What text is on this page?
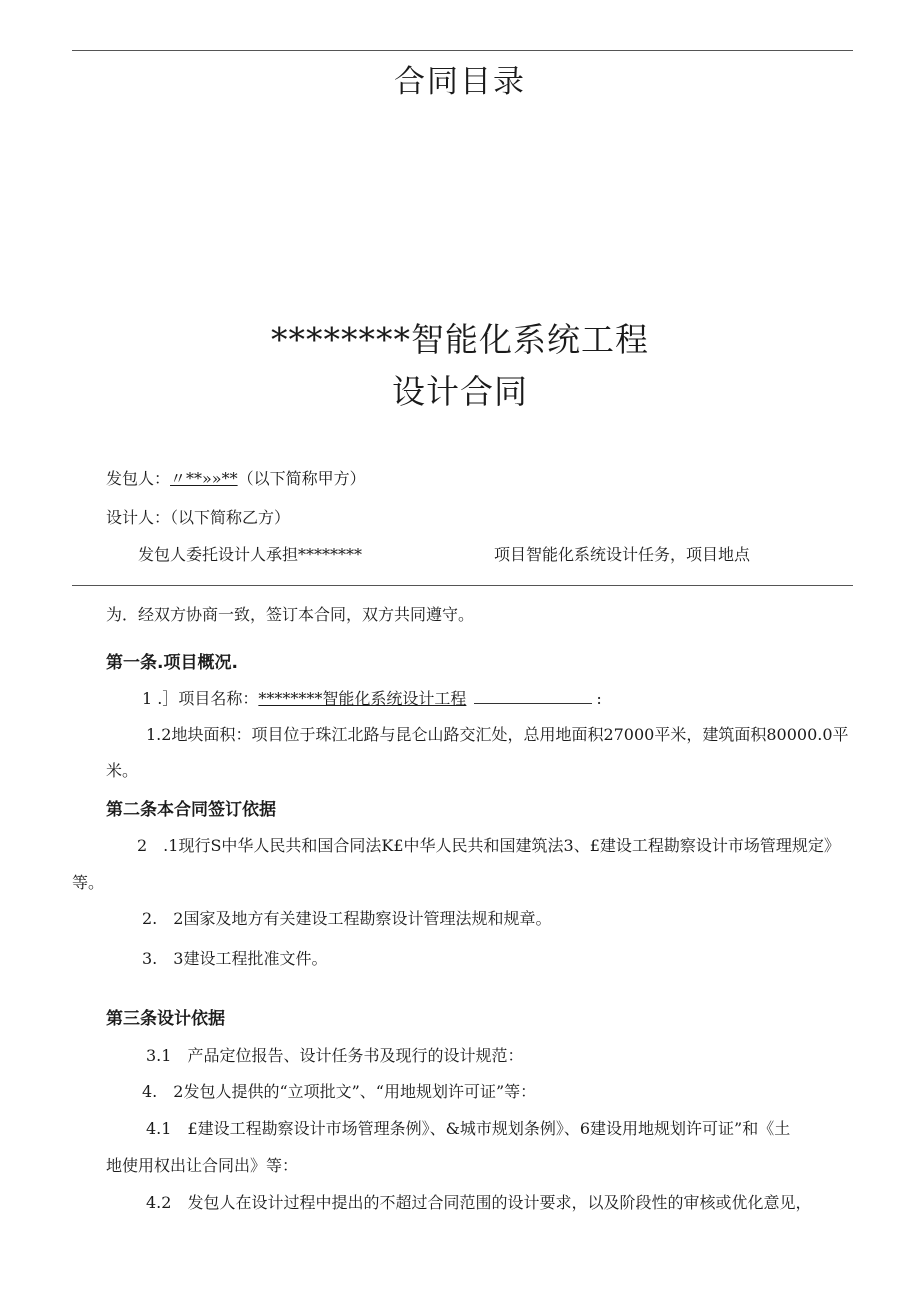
合同目录
********智能化系统工程
设计合同
发包人：〃**»»**（以下简称甲方）
设计人：（以下简称乙方）
发包人委托设计人承担********	项目智能化系统设计任务，项目地点
为．经双方协商一致，签订本合同，双方共同遵守。
第一条.项目概况.
1 .］项目名称：********智能化系统设计工程	:
1.2地块面积：项目位于珠江北路与昆仑山路交汇处，总用地面积27000平米，建筑面积80000.0平
米。
第二条本合同签订依据
2　.1现行S中华人民共和国合同法K£中华人民共和国建筑法3、£建设工程勘察设计市场管理规定》
等。
2.　2国家及地方有关建设工程勘察设计管理法规和规章。
3.　3建设工程批准文件。
第三条设计依据
3.1　产品定位报告、设计任务书及现行的设计规范：
4.　2发包人提供的“立项批文”、“用地规划许可证”等：
4.1　£建设工程勘察设计市场管理条例》、&城市规划条例》、6建设用地规划许可证”和《土
地使用权出让合同出》等：
4.2　发包人在设计过程中提出的不超过合同范围的设计要求，以及阶段性的审核或优化意见，
